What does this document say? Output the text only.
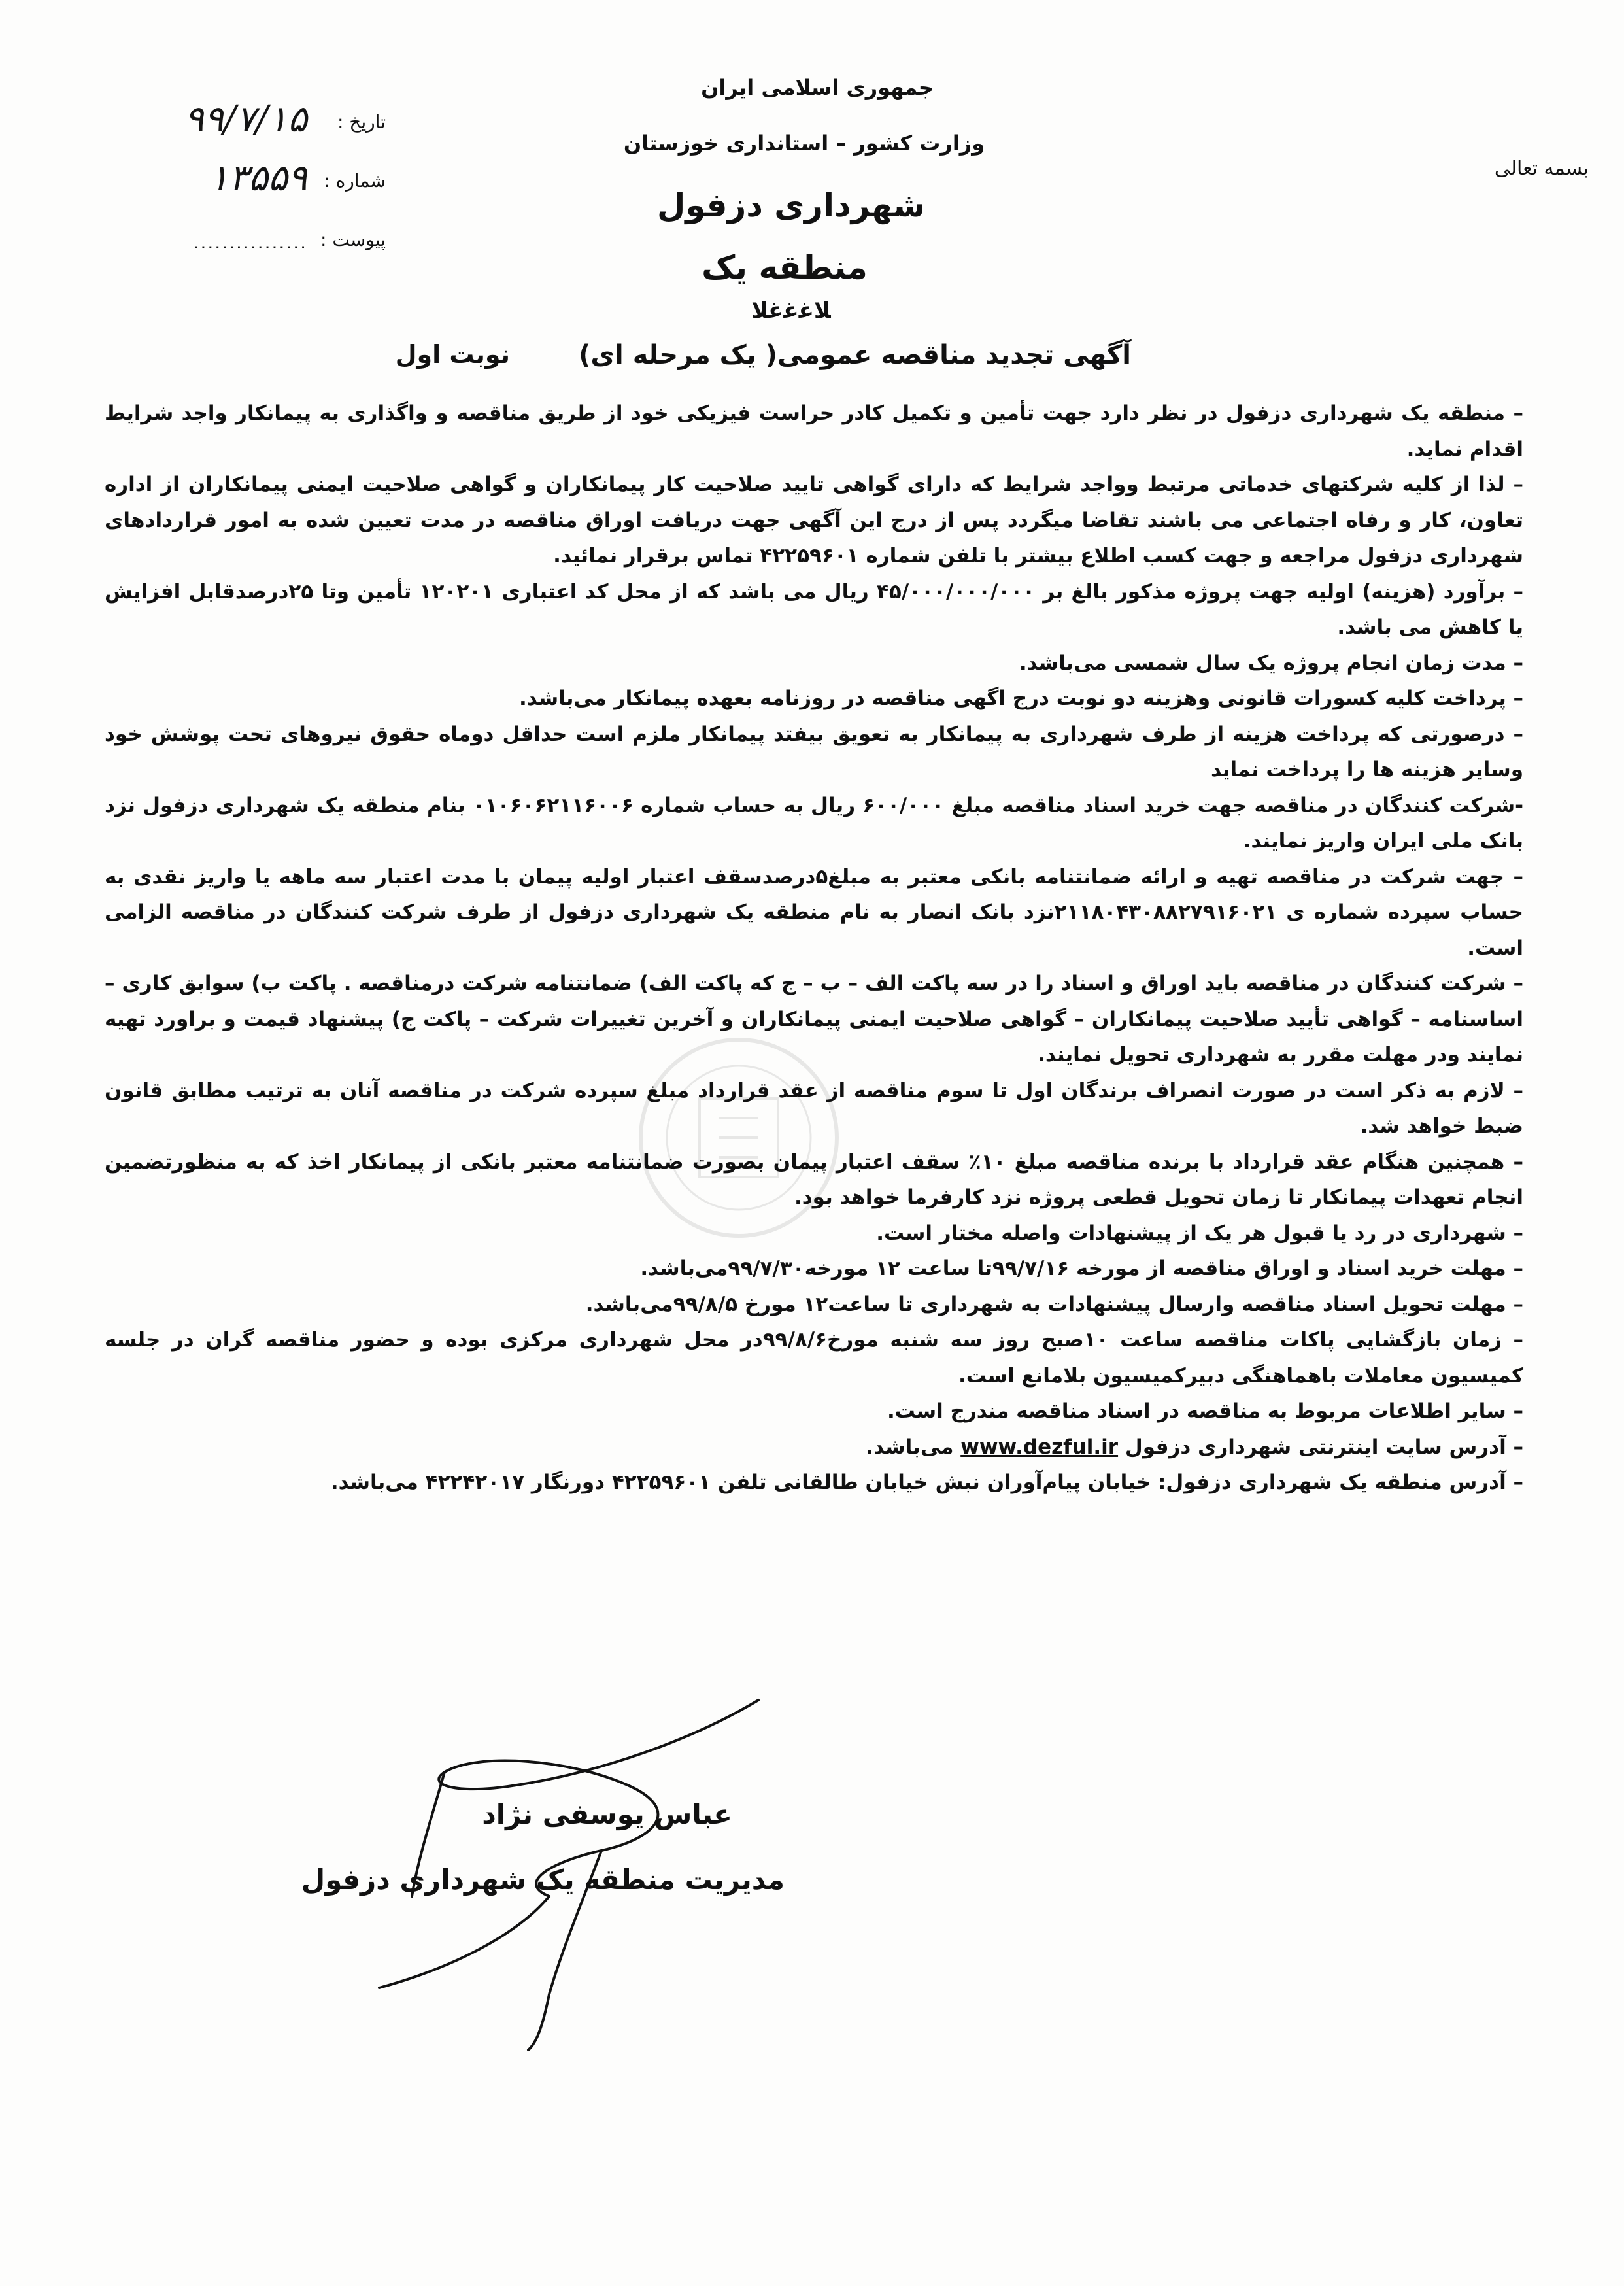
جمهوری اسلامی ایران
وزارت کشور – استانداری خوزستان
شهرداری دزفول
منطقه یک
ﻼﻏﻏﻏﻼ
بسمه تعالی
تاریخ :
۹۹/۷/۱۵
شماره :
۱۳۵۵۹
پیوست :
................
آگهی تجدید مناقصه عمومی( یک مرحله ای)
نوبت اول

– منطقه یک شهرداری دزفول در نظر دارد جهت تأمین و تکمیل کادر حراست فیزیکی خود از طریق مناقصه و واگذاری به پیمانکار واجد شرایط اقدام نماید.

– لذا از کلیه شرکتهای خدماتی مرتبط وواجد شرایط که دارای گواهی تایید صلاحیت کار پیمانکاران و گواهی صلاحیت ایمنی پیمانکاران از اداره تعاون، کار و رفاه اجتماعی می باشند تقاضا میگردد پس از درج این آگهی جهت دریافت اوراق مناقصه در مدت تعیین شده به امور قراردادهای شهرداری دزفول مراجعه و جهت کسب اطلاع بیشتر با تلفن شماره ۴۲۲۵۹۶۰۱ تماس برقرار نمائید.

– برآورد (هزینه) اولیه جهت پروژه مذکور بالغ بر ۴۵/۰۰۰/۰۰۰/۰۰۰ ریال می باشد که از محل کد اعتباری ۱۲۰۲۰۱ تأمین وتا ۲۵درصدقابل افزایش یا کاهش می باشد.

– مدت زمان انجام پروژه یک سال شمسی می‌باشد.

– پرداخت کلیه کسورات قانونی وهزینه دو نوبت درج اگهی مناقصه در روزنامه بعهده پیمانکار می‌باشد.

– درصورتی که پرداخت هزینه از طرف شهرداری به پیمانکار به تعویق بیفتد پیمانکار ملزم است حداقل دوماه حقوق نیروهای تحت پوشش خود وسایر هزینه ها را پرداخت نماید

-شرکت کنندگان در مناقصه جهت خرید اسناد مناقصه مبلغ ۶۰۰/۰۰۰ ریال به حساب شماره ۰۱۰۶۰۶۲۱۱۶۰۰۶ بنام منطقه یک شهرداری دزفول نزد بانک ملی ایران واریز نمایند.

– جهت شرکت در مناقصه تهیه و ارائه ضمانتنامه بانکی معتبر به مبلغ۵درصدسقف اعتبار اولیه پیمان با مدت اعتبار سه ماهه یا واریز نقدی به حساب سپرده شماره ی ۲۱۱۸۰۴۳۰۸۸۲۷۹۱۶۰۲۱نزد بانک انصار به نام منطقه یک شهرداری دزفول از طرف شرکت کنندگان در مناقصه الزامی است.

– شرکت کنندگان در مناقصه باید اوراق و اسناد را در سه پاکت الف – ب – ج که پاکت الف) ضمانتنامه شرکت درمناقصه . پاکت ب) سوابق کاری – اساسنامه – گواهی تأیید صلاحیت پیمانکاران – گواهی صلاحیت ایمنی پیمانکاران و آخرین تغییرات شرکت – پاکت ج) پیشنهاد قیمت و براورد تهیه نمایند ودر مهلت مقرر به شهرداری تحویل نمایند.

– لازم به ذکر است در صورت انصراف برندگان اول تا سوم مناقصه از عقد قرارداد مبلغ سپرده شرکت در مناقصه آنان به ترتیب مطابق قانون ضبط خواهد شد.

– همچنین هنگام عقد قرارداد با برنده مناقصه مبلغ ۱۰٪ سقف اعتبار پیمان بصورت ضمانتنامه معتبر بانکی از پیمانکار اخذ که به منظورتضمین انجام تعهدات پیمانکار تا زمان تحویل قطعی پروژه نزد کارفرما خواهد بود.

– شهرداری در رد یا قبول هر یک از پیشنهادات واصله مختار است.

– مهلت خرید اسناد و اوراق مناقصه از مورخه ۹۹/۷/۱۶تا ساعت ۱۲ مورخه۹۹/۷/۳۰می‌باشد.

– مهلت تحویل اسناد مناقصه وارسال پیشنهادات به شهرداری تا ساعت۱۲ مورخ ۹۹/۸/۵می‌باشد.

– زمان بازگشایی پاکات مناقصه ساعت ۱۰صبح روز سه شنبه مورخ۹۹/۸/۶در محل شهرداری مرکزی بوده و حضور مناقصه گران در جلسه کمیسیون معاملات باهماهنگی دبیرکمیسیون بلامانع است.

– سایر اطلاعات مربوط به مناقصه در اسناد مناقصه مندرج است.

– آدرس سایت اینترنتی شهرداری دزفول www.dezful.ir می‌باشد.

– آدرس منطقه یک شهرداری دزفول: خیابان پیام‌آوران نبش خیابان طالقانی تلفن ۴۲۲۵۹۶۰۱ دورنگار ۴۲۲۴۲۰۱۷ می‌باشد.

عباس یوسفی نژاد
مدیریت منطقه یک شهرداری دزفول
